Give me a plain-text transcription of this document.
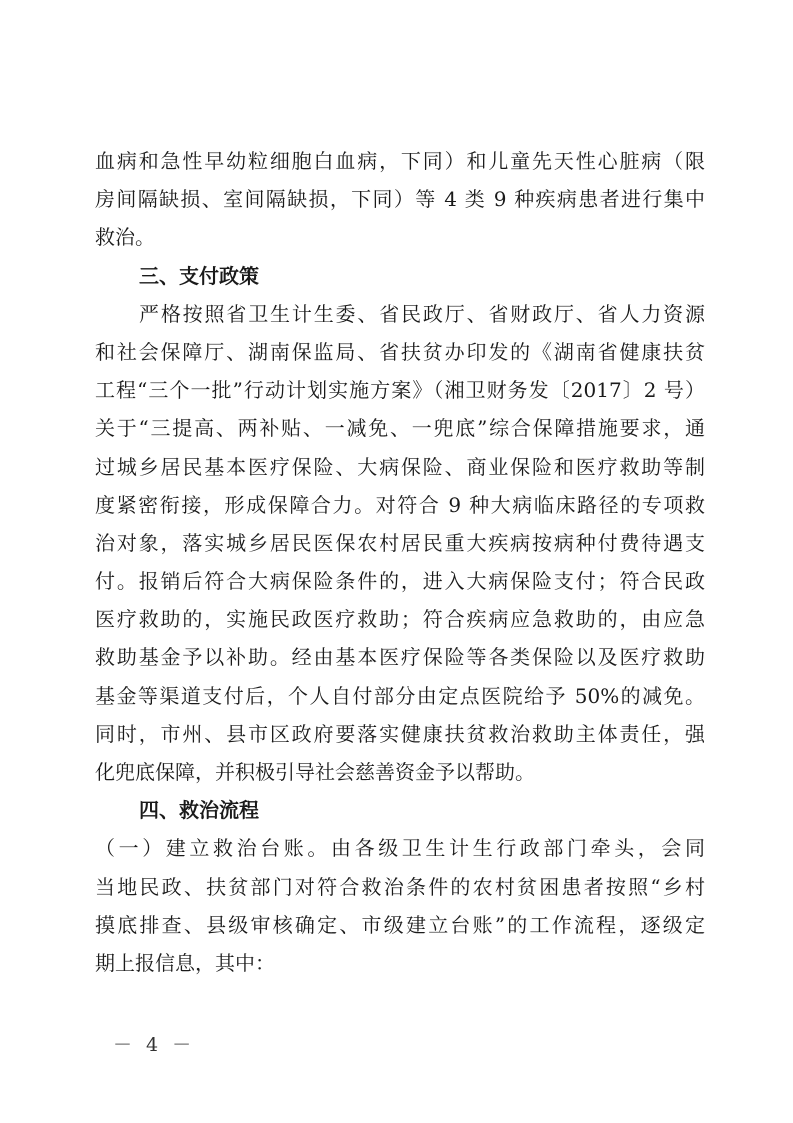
血病和急性早幼粒细胞白血病，下同）和儿童先天性心脏病（限
房间隔缺损、室间隔缺损，下同）等 4 类 9 种疾病患者进行集中
救治。
三、支付政策
严格按照省卫生计生委、省民政厅、省财政厅、省人力资源
和社会保障厅、湖南保监局、省扶贫办印发的《湖南省健康扶贫
工程“三个一批”行动计划实施方案》（湘卫财务发〔2017〕2 号）
关于“三提高、两补贴、一减免、一兜底”综合保障措施要求，通
过城乡居民基本医疗保险、大病保险、商业保险和医疗救助等制
度紧密衔接，形成保障合力。对符合 9 种大病临床路径的专项救
治对象，落实城乡居民医保农村居民重大疾病按病种付费待遇支
付。报销后符合大病保险条件的，进入大病保险支付；符合民政
医疗救助的，实施民政医疗救助；符合疾病应急救助的，由应急
救助基金予以补助。经由基本医疗保险等各类保险以及医疗救助
基金等渠道支付后，个人自付部分由定点医院给予 50%的减免。
同时，市州、县市区政府要落实健康扶贫救治救助主体责任，强
化兜底保障，并积极引导社会慈善资金予以帮助。
四、救治流程
（一）建立救治台账。由各级卫生计生行政部门牵头，会同
当地民政、扶贫部门对符合救治条件的农村贫困患者按照“乡村
摸底排查、县级审核确定、市级建立台账”的工作流程，逐级定
期上报信息，其中：
－ 4 －
